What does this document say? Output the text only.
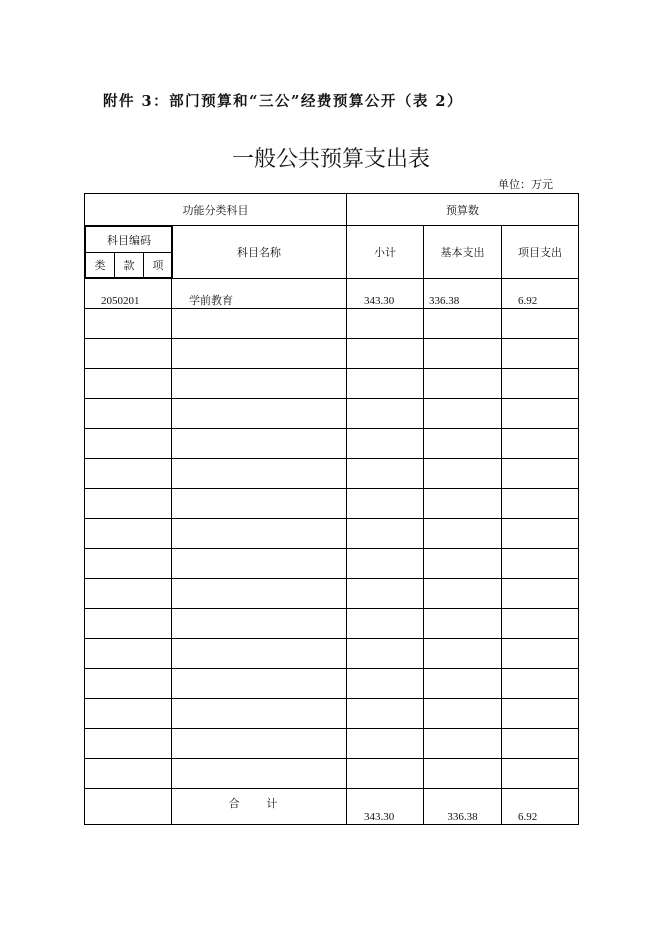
附件 3：部门预算和“三公”经费预算公开（表 2）
一般公共预算支出表
单位：万元
功能分类科目	预算数

科目编码
类	款	项
	科目名称	小计	基本支出	项目支出
2050201	学前教育	343.30	336.38	6.92

	合 计	343.30	336.38	6.92
